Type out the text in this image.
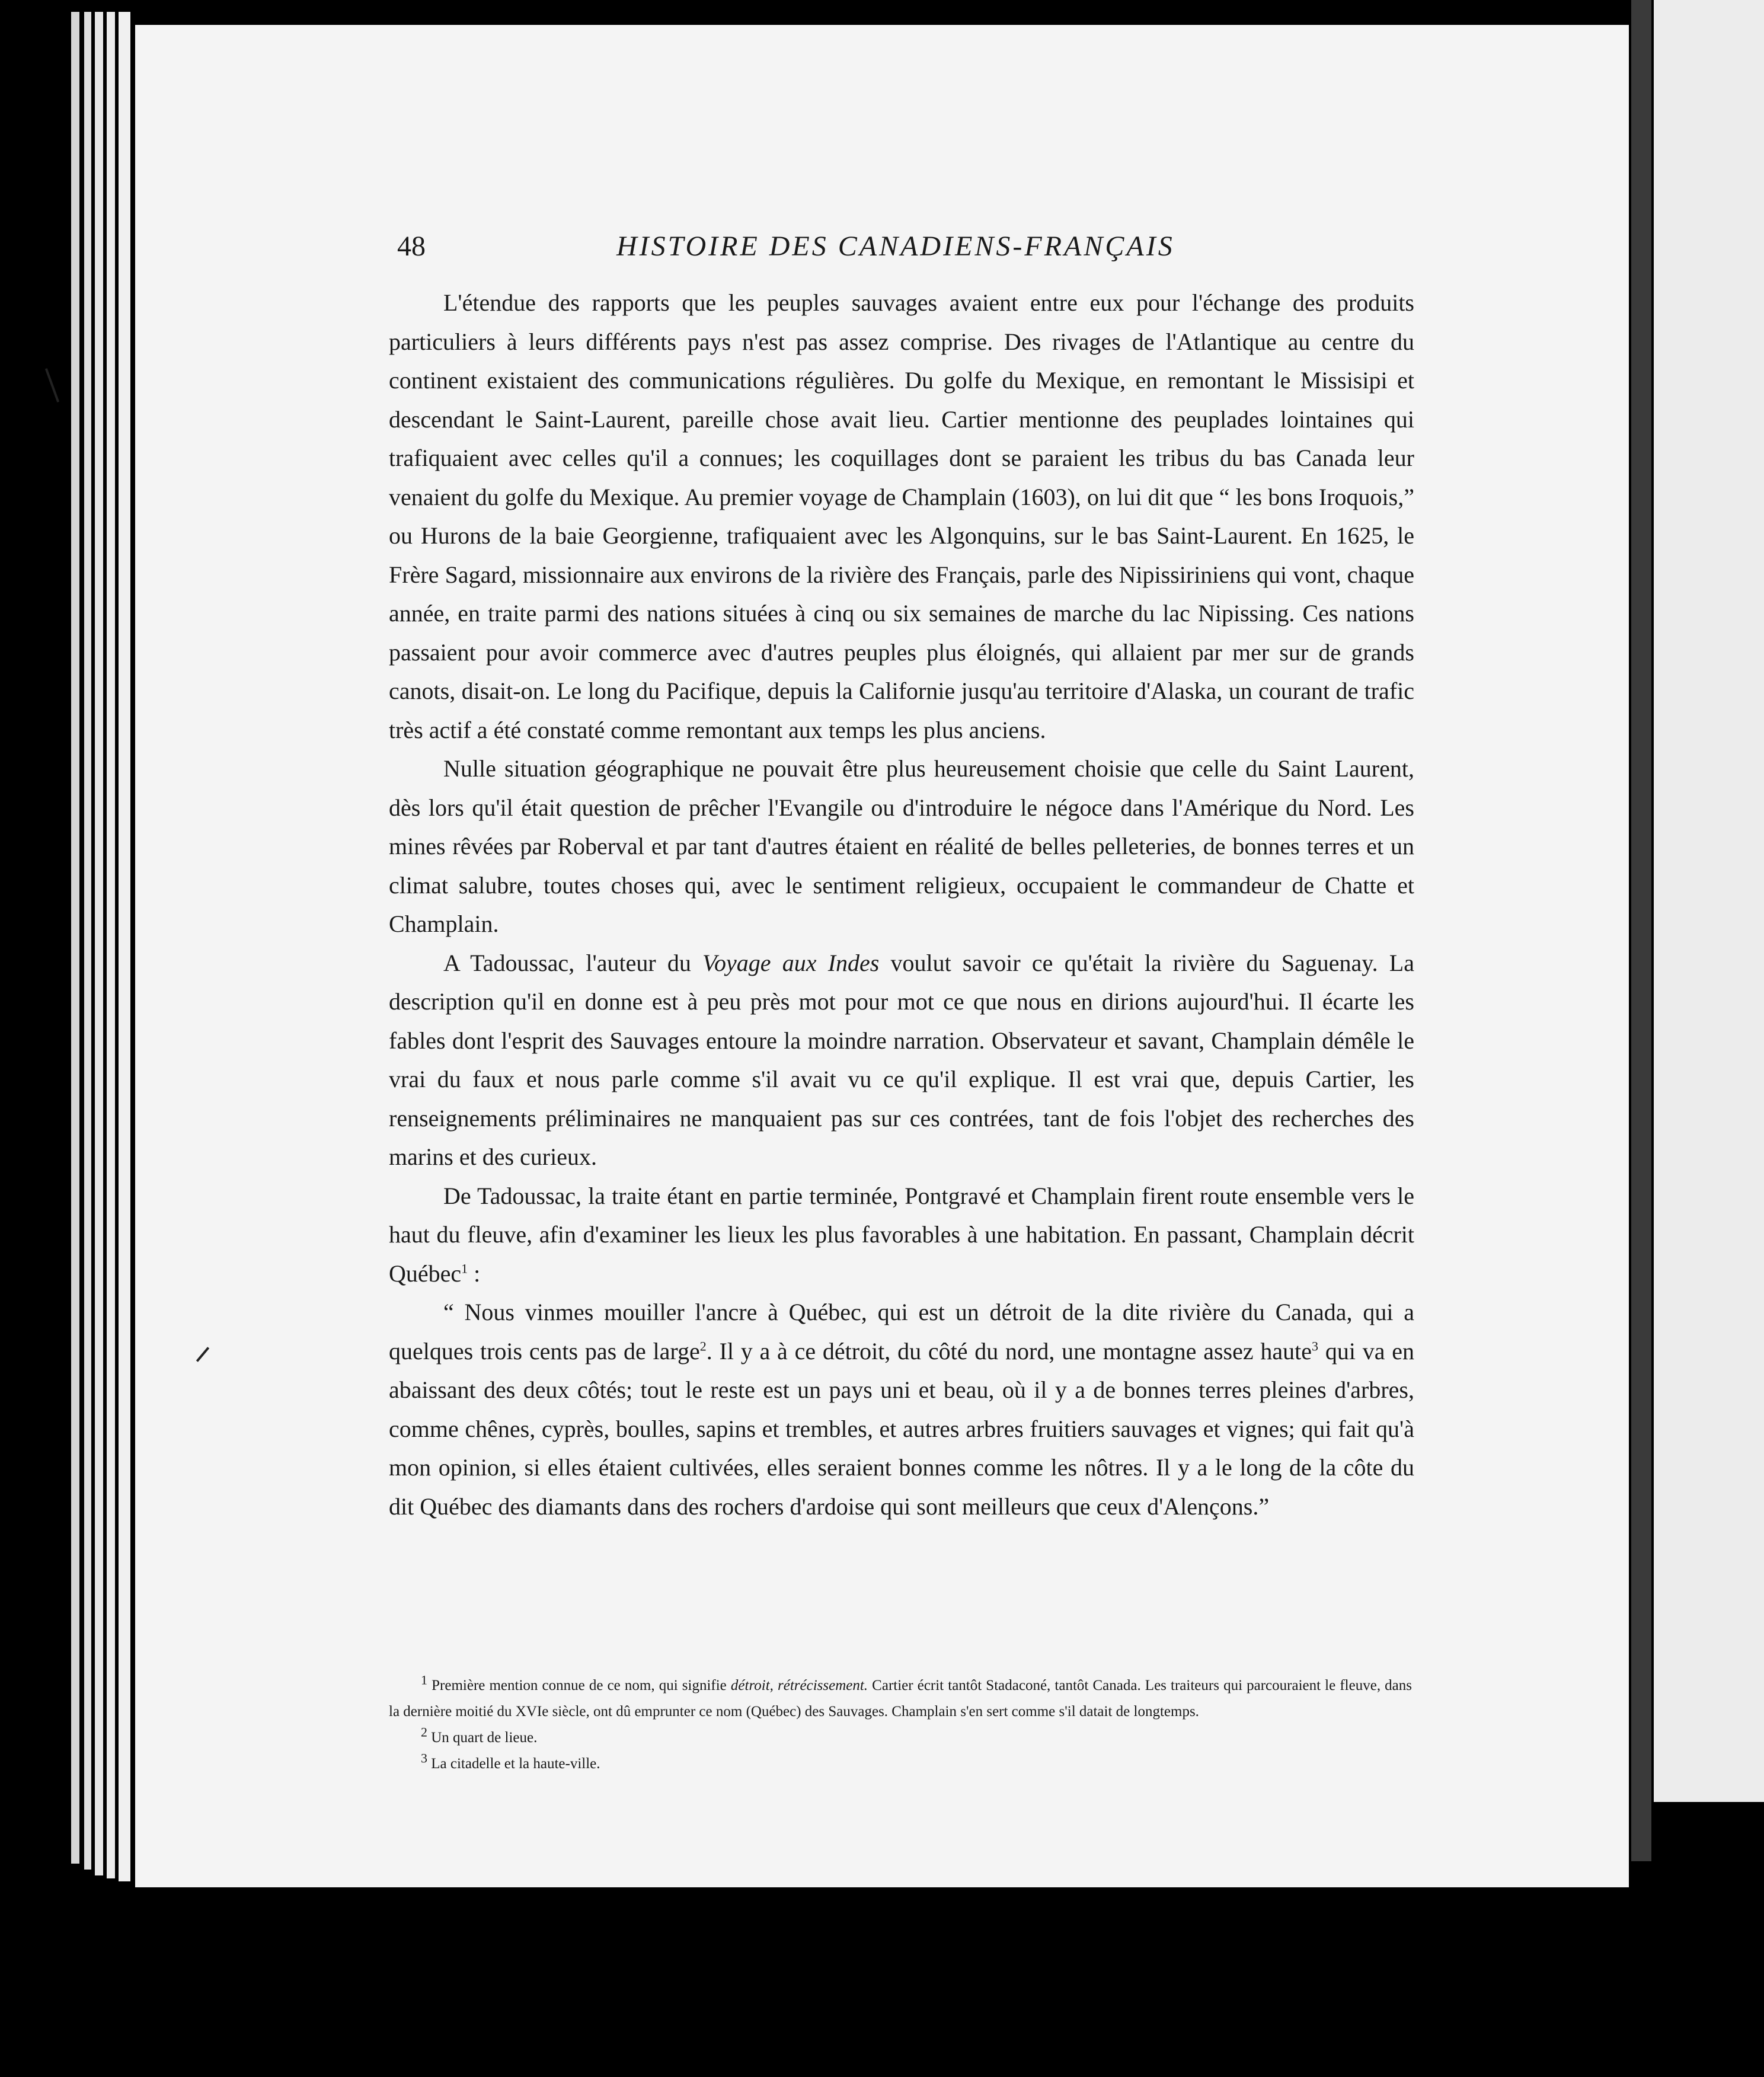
48	HISTOIRE DES CANADIENS-FRANÇAIS

L'étendue des rapports que les peuples sauvages avaient entre eux pour l'échange des produits particuliers à leurs différents pays n'est pas assez comprise. Des rivages de l'Atlantique au centre du continent existaient des communications régulières. Du golfe du Mexique, en remontant le Missisipi et descendant le Saint-Laurent, pareille chose avait lieu. Cartier mentionne des peuplades lointaines qui trafiquaient avec celles qu'il a connues; les coquillages dont se paraient les tribus du bas Canada leur venaient du golfe du Mexique. Au premier voyage de Champlain (1603), on lui dit que “ les bons Iroquois,” ou Hurons de la baie Georgienne, trafiquaient avec les Algonquins, sur le bas Saint-Laurent. En 1625, le Frère Sagard, missionnaire aux environs de la rivière des Français, parle des Nipissiriniens qui vont, chaque année, en traite parmi des nations situées à cinq ou six semaines de marche du lac Nipissing. Ces nations passaient pour avoir commerce avec d'autres peuples plus éloignés, qui allaient par mer sur de grands canots, disait-on. Le long du Pacifique, depuis la Californie jusqu'au territoire d'Alaska, un courant de trafic très actif a été constaté comme remontant aux temps les plus anciens.

Nulle situation géographique ne pouvait être plus heureusement choisie que celle du Saint Laurent, dès lors qu'il était question de prêcher l'Evangile ou d'introduire le négoce dans l'Amérique du Nord. Les mines rêvées par Roberval et par tant d'autres étaient en réalité de belles pelleteries, de bonnes terres et un climat salubre, toutes choses qui, avec le sentiment religieux, occupaient le commandeur de Chatte et Champlain.

A Tadoussac, l'auteur du Voyage aux Indes voulut savoir ce qu'était la rivière du Saguenay. La description qu'il en donne est à peu près mot pour mot ce que nous en dirions aujourd'hui. Il écarte les fables dont l'esprit des Sauvages entoure la moindre narration. Observateur et savant, Champlain démêle le vrai du faux et nous parle comme s'il avait vu ce qu'il explique. Il est vrai que, depuis Cartier, les renseignements préliminaires ne manquaient pas sur ces contrées, tant de fois l'objet des recherches des marins et des curieux.

De Tadoussac, la traite étant en partie terminée, Pontgravé et Champlain firent route ensemble vers le haut du fleuve, afin d'examiner les lieux les plus favorables à une habitation. En passant, Champlain décrit Québec$^1$ :

“ Nous vinmes mouiller l'ancre à Québec, qui est un détroit de la dite rivière du Canada, qui a quelques trois cents pas de large$^2$. Il y a à ce détroit, du côté du nord, une montagne assez haute$^3$ qui va en abaissant des deux côtés; tout le reste est un pays uni et beau, où il y a de bonnes terres pleines d'arbres, comme chênes, cyprès, boulles, sapins et trembles, et autres arbres fruitiers sauvages et vignes; qui fait qu'à mon opinion, si elles étaient cultivées, elles seraient bonnes comme les nôtres. Il y a le long de la côte du dit Québec des diamants dans des rochers d'ardoise qui sont meilleurs que ceux d'Alençons.”

$^1$ Première mention connue de ce nom, qui signifie détroit, rétrécissement. Cartier écrit tantôt Stadaconé, tantôt Canada. Les traiteurs qui parcouraient le fleuve, dans la dernière moitié du XVIe siècle, ont dû emprunter ce nom (Québec) des Sauvages. Champlain s'en sert comme s'il datait de longtemps.

$^2$ Un quart de lieue.

$^3$ La citadelle et la haute-ville.
